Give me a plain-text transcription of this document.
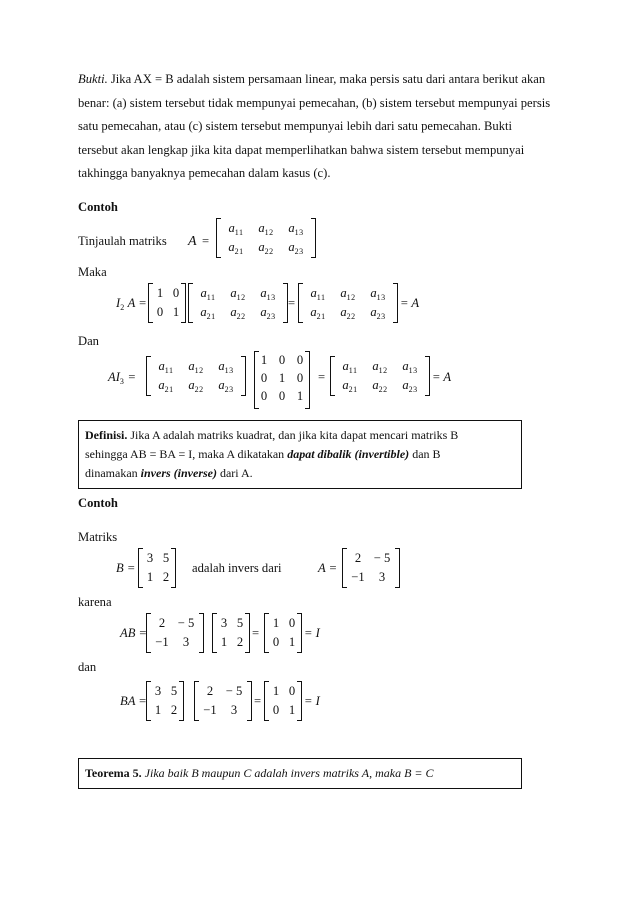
Bukti. Jika AX = B adalah sistem persamaan linear, maka persis satu dari antara berikut akan
benar: (a) sistem tersebut tidak mempunyai pemecahan, (b) sistem tersebut mempunyai persis
satu pemecahan, atau (c) sistem tersebut mempunyai lebih dari satu pemecahan. Bukti
tersebut akan lengkap jika kita dapat memperlihatkan bahwa sistem tersebut mempunyai
takhingga banyaknya pemecahan dalam kasus (c).
Contoh
Tinjaulah matriks A =
$a_{11}$	$a_{12}$	$a_{13}$
$a_{21}$	$a_{22}$	$a_{23}$
Maka
$I_2$ A =
1 0
0 1
$a_{11}$	$a_{12}$	$a_{13}$
$a_{21}$	$a_{22}$	$a_{23}$
=
$a_{11}$	$a_{12}$	$a_{13}$
$a_{21}$	$a_{22}$	$a_{23}$
= A
Dan
$AI_3$ =
$a_{11}$	$a_{12}$	$a_{13}$
$a_{21}$	$a_{22}$	$a_{23}$
1 0 0
0 1 0
0 0 1
=
$a_{11}$	$a_{12}$	$a_{13}$
$a_{21}$	$a_{22}$	$a_{23}$
= A
Definisi. Jika A adalah matriks kuadrat, dan jika kita dapat mencari matriks B
sehingga AB = BA = I, maka A dikatakan dapat dibalik (invertible) dan B
dinamakan invers (inverse) dari A.
Contoh
Matriks
B =
3 5
1 2
adalah invers dari	A =
2 − 5
−1	3
karena
AB =
2 − 5
−1	3
3 5
1 2
=
1 0
0 1
= I
dan
BA =
3 5
1 2
2 − 5
−1	3
=
1 0
0 1
= I
Teorema 5. Jika baik B maupun C adalah invers matriks A, maka B = C
